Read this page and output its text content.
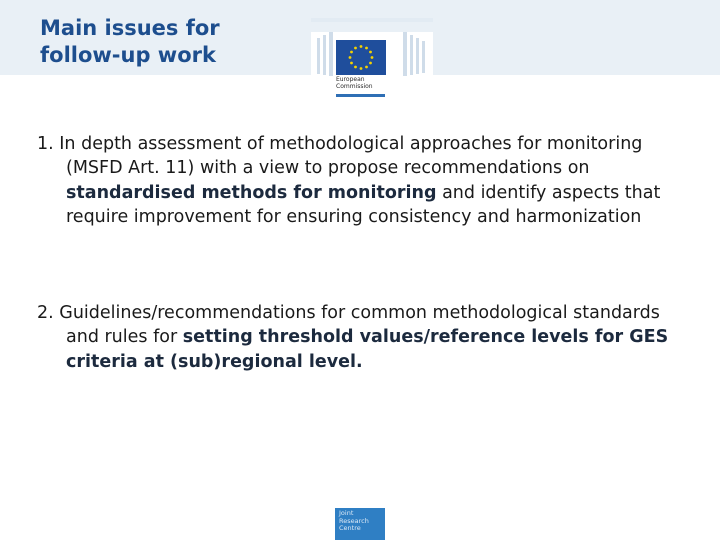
Main issues for
follow-up work
European
Commission

1. In depth assessment of methodological approaches for monitoring (MSFD Art. 11) with a view to propose recommendations on standardised methods for monitoring and identify aspects that require improvement for ensuring consistency and harmonization

2. Guidelines/recommendations for common methodological standards and rules for setting threshold values/reference levels for GES criteria at (sub)regional level.

Joint
Research
Centre
